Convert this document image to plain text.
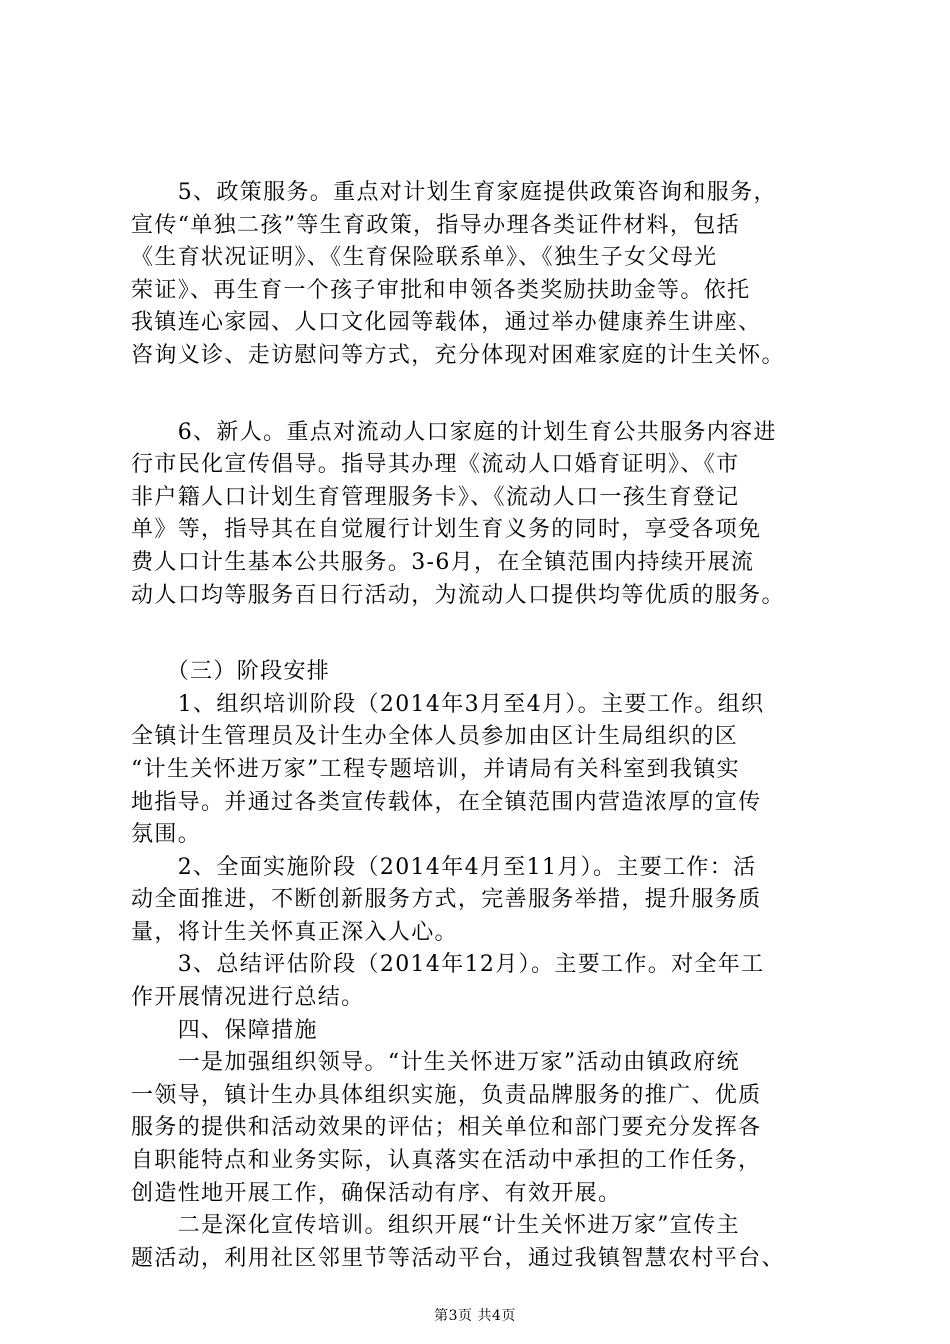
　　5、政策服务。重点对计划生育家庭提供政策咨询和服务，
宣传“单独二孩”等生育政策，指导办理各类证件材料，包括
《生育状况证明》、《生育保险联系单》、《独生子女父母光
荣证》、再生育一个孩子审批和申领各类奖励扶助金等。依托
我镇连心家园、人口文化园等载体，通过举办健康养生讲座、
咨询义诊、走访慰问等方式，充分体现对困难家庭的计生关怀。
　　6、新人。重点对流动人口家庭的计划生育公共服务内容进
行市民化宣传倡导。指导其办理《流动人口婚育证明》、《市
非户籍人口计划生育管理服务卡》、《流动人口一孩生育登记
单》等，指导其在自觉履行计划生育义务的同时，享受各项免
费人口计生基本公共服务。3-6月，在全镇范围内持续开展流
动人口均等服务百日行活动，为流动人口提供均等优质的服务。
　　（三）阶段安排
　　1、组织培训阶段（2014年3月至4月）。主要工作。组织
全镇计生管理员及计生办全体人员参加由区计生局组织的区
“计生关怀进万家”工程专题培训，并请局有关科室到我镇实
地指导。并通过各类宣传载体，在全镇范围内营造浓厚的宣传
氛围。
　　2、全面实施阶段（2014年4月至11月）。主要工作：活
动全面推进，不断创新服务方式，完善服务举措，提升服务质
量，将计生关怀真正深入人心。
　　3、总结评估阶段（2014年12月）。主要工作。对全年工
作开展情况进行总结。
　　四、保障措施
　　一是加强组织领导。“计生关怀进万家”活动由镇政府统
一领导，镇计生办具体组织实施，负责品牌服务的推广、优质
服务的提供和活动效果的评估；相关单位和部门要充分发挥各
自职能特点和业务实际，认真落实在活动中承担的工作任务，
创造性地开展工作，确保活动有序、有效开展。
　　二是深化宣传培训。组织开展“计生关怀进万家”宣传主
题活动，利用社区邻里节等活动平台，通过我镇智慧农村平台、
第3页 共4页
